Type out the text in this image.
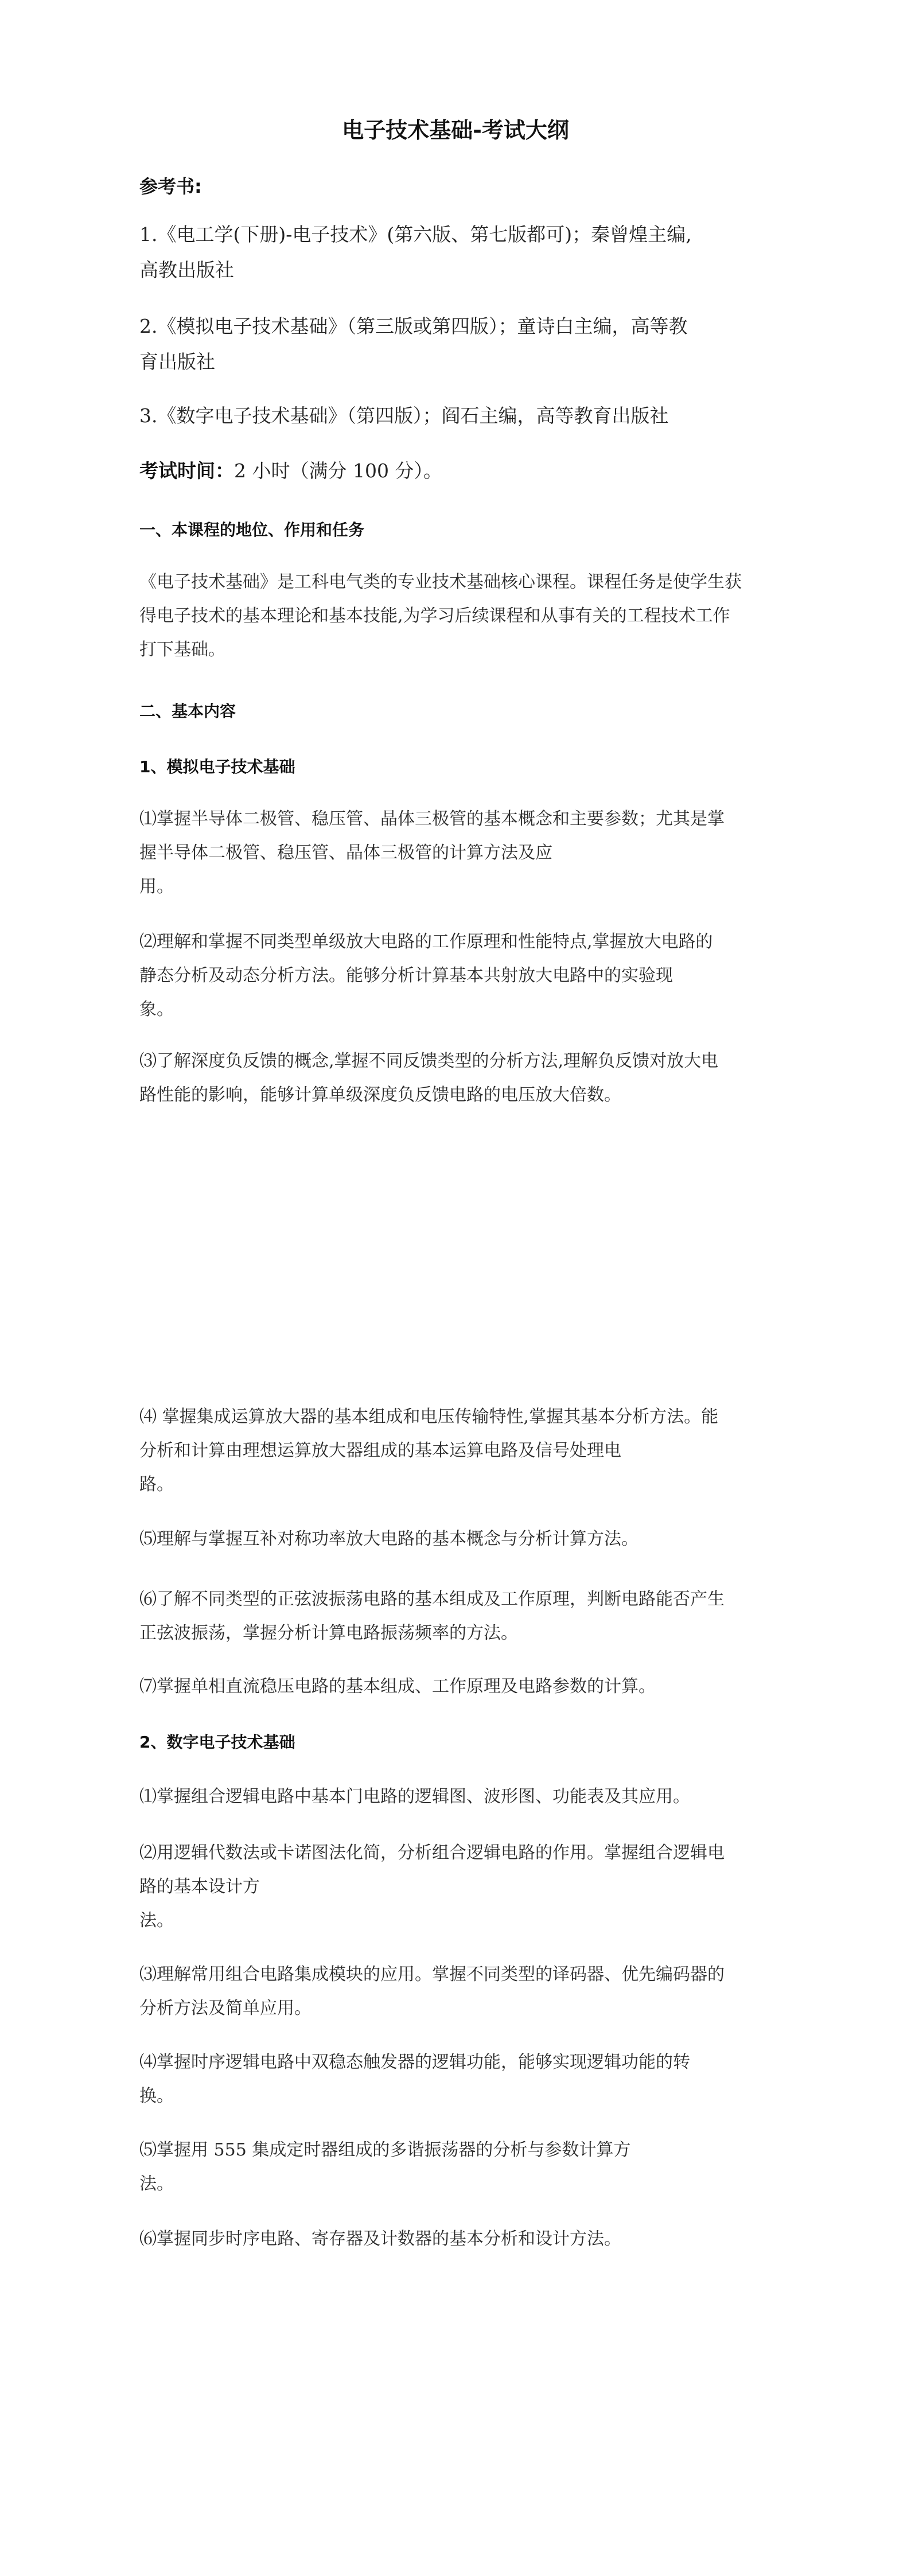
电子技术基础-考试大纲
参考书:
1.《电工学(下册)-电子技术》(第六版、第七版都可)；秦曾煌主编,
高教出版社
2.《模拟电子技术基础》（第三版或第四版）；童诗白主编，高等教
育出版社
3.《数字电子技术基础》（第四版）；阎石主编，高等教育出版社
考试时间：2 小时（满分 100 分）。
一、本课程的地位、作用和任务
《电子技术基础》是工科电气类的专业技术基础核心课程。课程任务是使学生获
得电子技术的基本理论和基本技能,为学习后续课程和从事有关的工程技术工作
打下基础。
二、基本内容
1、模拟电子技术基础
⑴掌握半导体二极管、稳压管、晶体三极管的基本概念和主要参数；尤其是掌
握半导体二极管、稳压管、晶体三极管的计算方法及应
用。
⑵理解和掌握不同类型单级放大电路的工作原理和性能特点,掌握放大电路的
静态分析及动态分析方法。能够分析计算基本共射放大电路中的实验现
象。
⑶了解深度负反馈的概念,掌握不同反馈类型的分析方法,理解负反馈对放大电
路性能的影响，能够计算单级深度负反馈电路的电压放大倍数。
⑷ 掌握集成运算放大器的基本组成和电压传输特性,掌握其基本分析方法。能
分析和计算由理想运算放大器组成的基本运算电路及信号处理电
路。
⑸理解与掌握互补对称功率放大电路的基本概念与分析计算方法。
⑹了解不同类型的正弦波振荡电路的基本组成及工作原理，判断电路能否产生
正弦波振荡，掌握分析计算电路振荡频率的方法。
⑺掌握单相直流稳压电路的基本组成、工作原理及电路参数的计算。
2、数字电子技术基础
⑴掌握组合逻辑电路中基本门电路的逻辑图、波形图、功能表及其应用。
⑵用逻辑代数法或卡诺图法化简，分析组合逻辑电路的作用。掌握组合逻辑电
路的基本设计方
法。
⑶理解常用组合电路集成模块的应用。掌握不同类型的译码器、优先编码器的
分析方法及简单应用。
⑷掌握时序逻辑电路中双稳态触发器的逻辑功能，能够实现逻辑功能的转
换。
⑸掌握用 555 集成定时器组成的多谐振荡器的分析与参数计算方
法。
⑹掌握同步时序电路、寄存器及计数器的基本分析和设计方法。
